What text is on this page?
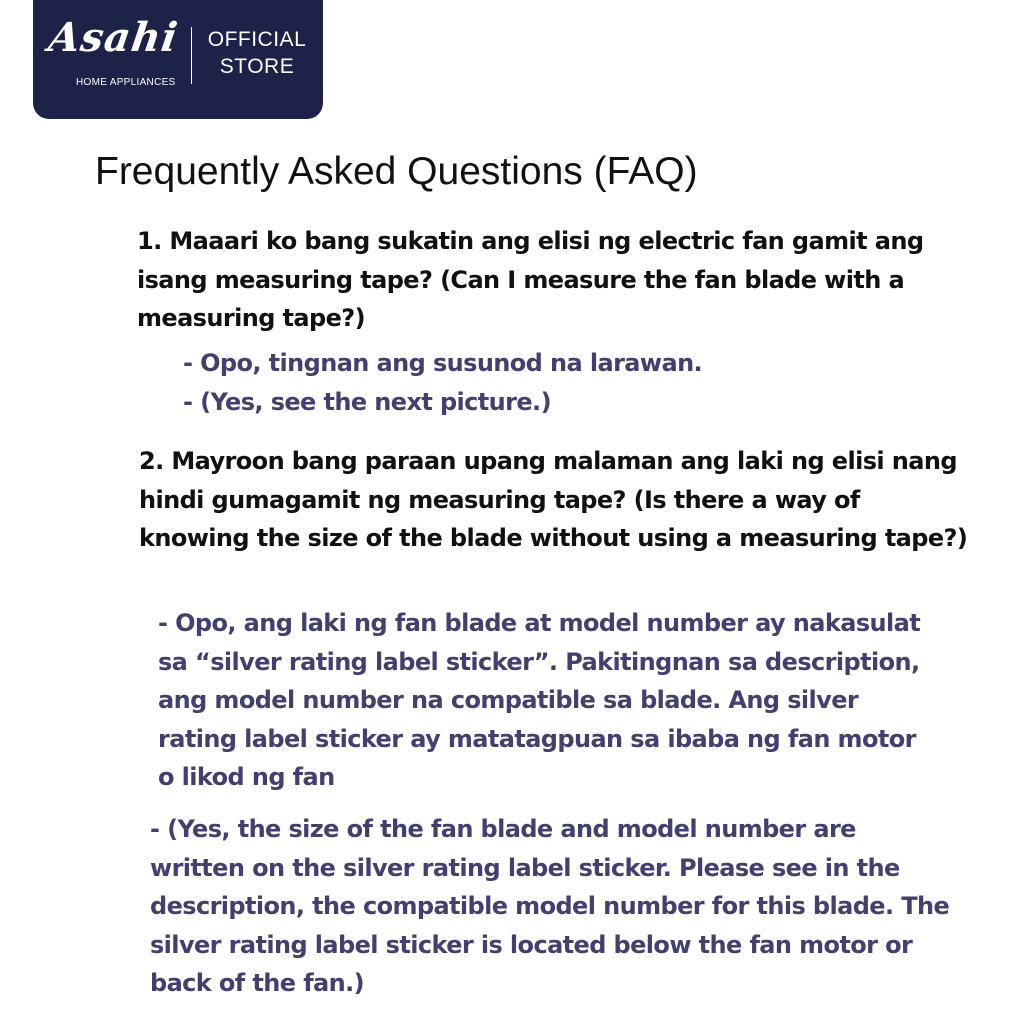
Asahi
HOME APPLIANCES
OFFICIAL
STORE
Frequently Asked Questions (FAQ)
1. Maaari ko bang sukatin ang elisi ng electric fan gamit ang isang measuring tape? (Can I measure the fan blade with a measuring tape?)
- Opo, tingnan ang susunod na larawan.
- (Yes, see the next picture.)
2. Mayroon bang paraan upang malaman ang laki ng elisi nang hindi gumagamit ng measuring tape? (Is there a way of knowing the size of the blade without using a measuring tape?)
- Opo, ang laki ng fan blade at model number ay nakasulat sa “silver rating label sticker”. Pakitingnan sa description, ang model number na compatible sa blade. Ang silver rating label sticker ay matatagpuan sa ibaba ng fan motor o likod ng fan
- (Yes, the size of the fan blade and model number are written on the silver rating label sticker. Please see in the description, the compatible model number for this blade. The silver rating label sticker is located below the fan motor or back of the fan.)
